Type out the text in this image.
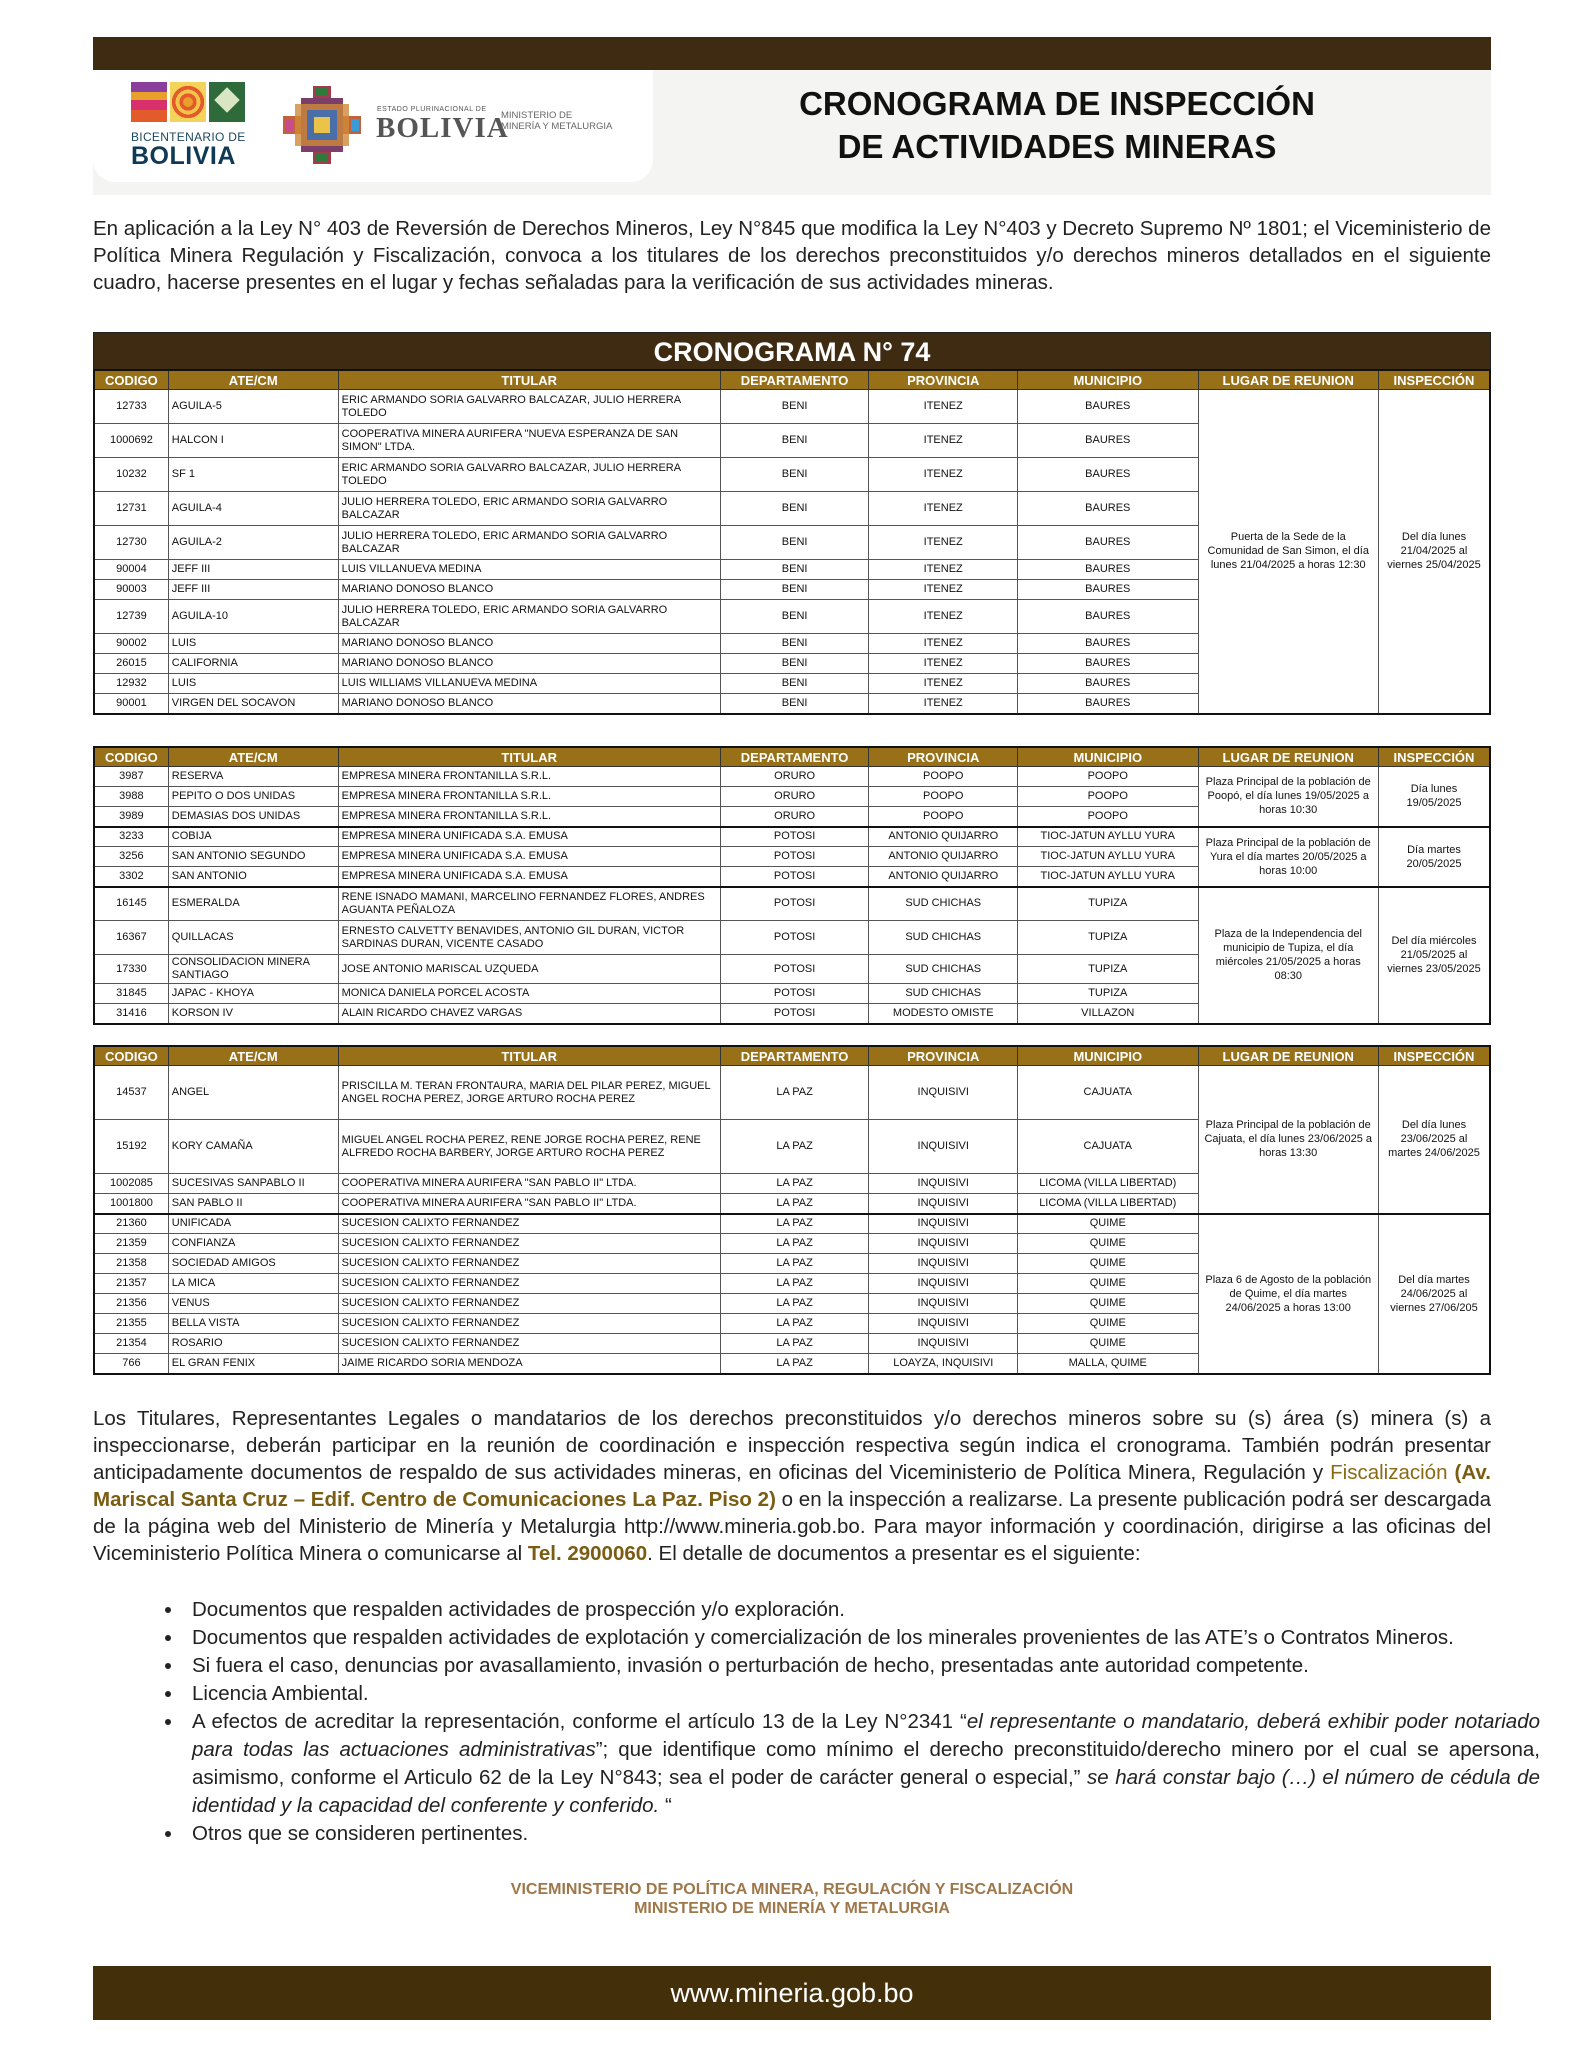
BICENTENARIO DE
BOLIVIA
ESTADO PLURINACIONAL DE
BOLIVIA
MINISTERIO DE
MINERÍA Y METALURGIA
CRONOGRAMA DE INSPECCIÓN
DE ACTIVIDADES MINERAS

En aplicación a la Ley N° 403 de Reversión de Derechos Mineros, Ley N°845 que modifica la Ley N°403 y Decreto Supremo Nº 1801; el Viceministerio de Política Minera Regulación y Fiscalización, convoca a los titulares de los derechos preconstituidos y/o derechos mineros detallados en el siguiente cuadro, hacerse presentes en el lugar y fechas señaladas para la verificación de sus actividades mineras.

CRONOGRAMA N° 74
CODIGO	ATE/CM	TITULAR	DEPARTAMENTO	PROVINCIA	MUNICIPIO	LUGAR DE REUNION	INSPECCIÓN
12733	AGUILA-5	ERIC ARMANDO SORIA GALVARRO BALCAZAR, JULIO HERRERA TOLEDO	BENI	ITENEZ	BAURES	Puerta de la Sede de la Comunidad de San Simon, el día lunes 21/04/2025 a horas 12:30	Del día lunes 21/04/2025 al viernes 25/04/2025
1000692	HALCON I	COOPERATIVA MINERA AURIFERA "NUEVA ESPERANZA DE SAN SIMON" LTDA.	BENI	ITENEZ	BAURES		
10232	SF 1	ERIC ARMANDO SORIA GALVARRO BALCAZAR, JULIO HERRERA TOLEDO	BENI	ITENEZ	BAURES		
12731	AGUILA-4	JULIO HERRERA TOLEDO, ERIC ARMANDO SORIA GALVARRO BALCAZAR	BENI	ITENEZ	BAURES		
12730	AGUILA-2	JULIO HERRERA TOLEDO, ERIC ARMANDO SORIA GALVARRO BALCAZAR	BENI	ITENEZ	BAURES		
90004	JEFF III	LUIS VILLANUEVA MEDINA	BENI	ITENEZ	BAURES		
90003	JEFF III	MARIANO DONOSO BLANCO	BENI	ITENEZ	BAURES		
12739	AGUILA-10	JULIO HERRERA TOLEDO, ERIC ARMANDO SORIA GALVARRO BALCAZAR	BENI	ITENEZ	BAURES		
90002	LUIS	MARIANO DONOSO BLANCO	BENI	ITENEZ	BAURES		
26015	CALIFORNIA	MARIANO DONOSO BLANCO	BENI	ITENEZ	BAURES		
12932	LUIS	LUIS WILLIAMS VILLANUEVA MEDINA	BENI	ITENEZ	BAURES		
90001	VIRGEN DEL SOCAVON	MARIANO DONOSO BLANCO	BENI	ITENEZ	BAURES		
CODIGO	ATE/CM	TITULAR	DEPARTAMENTO	PROVINCIA	MUNICIPIO	LUGAR DE REUNION	INSPECCIÓN
3987	RESERVA	EMPRESA MINERA FRONTANILLA S.R.L.	ORURO	POOPO	POOPO	Plaza Principal de la población de Poopó, el día lunes 19/05/2025 a horas 10:30	Día lunes 19/05/2025
3988	PEPITO O DOS UNIDAS	EMPRESA MINERA FRONTANILLA S.R.L.	ORURO	POOPO	POOPO		
3989	DEMASIAS DOS UNIDAS	EMPRESA MINERA FRONTANILLA S.R.L.	ORURO	POOPO	POOPO		
3233	COBIJA	EMPRESA MINERA UNIFICADA S.A. EMUSA	POTOSI	ANTONIO QUIJARRO	TIOC-JATUN AYLLU YURA	Plaza Principal de la población de Yura el día martes 20/05/2025 a horas 10:00	Día martes 20/05/2025
3256	SAN ANTONIO SEGUNDO	EMPRESA MINERA UNIFICADA S.A. EMUSA	POTOSI	ANTONIO QUIJARRO	TIOC-JATUN AYLLU YURA		
3302	SAN ANTONIO	EMPRESA MINERA UNIFICADA S.A. EMUSA	POTOSI	ANTONIO QUIJARRO	TIOC-JATUN AYLLU YURA		
16145	ESMERALDA	RENE ISNADO MAMANI, MARCELINO FERNANDEZ FLORES, ANDRES AGUANTA PEÑALOZA	POTOSI	SUD CHICHAS	TUPIZA	Plaza de la Independencia del municipio de Tupiza, el día miércoles 21/05/2025 a horas 08:30	Del día miércoles 21/05/2025 al viernes 23/05/2025
16367	QUILLACAS	ERNESTO CALVETTY BENAVIDES, ANTONIO GIL DURAN, VICTOR SARDINAS DURAN, VICENTE CASADO	POTOSI	SUD CHICHAS	TUPIZA		
17330	CONSOLIDACION MINERA SANTIAGO	JOSE ANTONIO MARISCAL UZQUEDA	POTOSI	SUD CHICHAS	TUPIZA		
31845	JAPAC - KHOYA	MONICA DANIELA PORCEL ACOSTA	POTOSI	SUD CHICHAS	TUPIZA		
31416	KORSON IV	ALAIN RICARDO CHAVEZ VARGAS	POTOSI	MODESTO OMISTE	VILLAZON		
CODIGO	ATE/CM	TITULAR	DEPARTAMENTO	PROVINCIA	MUNICIPIO	LUGAR DE REUNION	INSPECCIÓN
14537	ANGEL	PRISCILLA M. TERAN FRONTAURA, MARIA DEL PILAR PEREZ, MIGUEL ANGEL ROCHA PEREZ, JORGE ARTURO ROCHA PEREZ	LA PAZ	INQUISIVI	CAJUATA	Plaza Principal de la población de Cajuata, el día lunes 23/06/2025 a horas 13:30	Del día lunes 23/06/2025 al martes 24/06/2025
15192	KORY CAMAÑA	MIGUEL ANGEL ROCHA PEREZ, RENE JORGE ROCHA PEREZ, RENE ALFREDO ROCHA BARBERY, JORGE ARTURO ROCHA PEREZ	LA PAZ	INQUISIVI	CAJUATA		
1002085	SUCESIVAS SANPABLO II	COOPERATIVA MINERA AURIFERA "SAN PABLO II" LTDA.	LA PAZ	INQUISIVI	LICOMA (VILLA LIBERTAD)		
1001800	SAN PABLO II	COOPERATIVA MINERA AURIFERA "SAN PABLO II" LTDA.	LA PAZ	INQUISIVI	LICOMA (VILLA LIBERTAD)		
21360	UNIFICADA	SUCESION CALIXTO FERNANDEZ	LA PAZ	INQUISIVI	QUIME	Plaza 6 de Agosto de la población de Quime, el día martes 24/06/2025 a horas 13:00	Del día martes 24/06/2025 al viernes 27/06/205
21359	CONFIANZA	SUCESION CALIXTO FERNANDEZ	LA PAZ	INQUISIVI	QUIME		
21358	SOCIEDAD AMIGOS	SUCESION CALIXTO FERNANDEZ	LA PAZ	INQUISIVI	QUIME		
21357	LA MICA	SUCESION CALIXTO FERNANDEZ	LA PAZ	INQUISIVI	QUIME		
21356	VENUS	SUCESION CALIXTO FERNANDEZ	LA PAZ	INQUISIVI	QUIME		
21355	BELLA VISTA	SUCESION CALIXTO FERNANDEZ	LA PAZ	INQUISIVI	QUIME		
21354	ROSARIO	SUCESION CALIXTO FERNANDEZ	LA PAZ	INQUISIVI	QUIME		
766	EL GRAN FENIX	JAIME RICARDO SORIA MENDOZA	LA PAZ	LOAYZA, INQUISIVI	MALLA, QUIME		

Los Titulares, Representantes Legales o mandatarios de los derechos preconstituidos y/o derechos mineros sobre su (s) área (s) minera (s) a inspeccionarse, deberán participar en la reunión de coordinación e inspección respectiva según indica el cronograma. También podrán presentar anticipadamente documentos de respaldo de sus actividades mineras, en oficinas del Viceministerio de Política Minera, Regulación y Fiscalización (Av. Mariscal Santa Cruz – Edif. Centro de Comunicaciones La Paz. Piso 2) o en la inspección a realizarse. La presente publicación podrá ser descargada de la página web del Ministerio de Minería y Metalurgia http://www.mineria.gob.bo. Para mayor información y coordinación, dirigirse a las oficinas del Viceministerio Política Minera o comunicarse al Tel. 2900060. El detalle de documentos a presentar es el siguiente:

• Documentos que respalden actividades de prospección y/o exploración.
• Documentos que respalden actividades de explotación y comercialización de los minerales provenientes de las ATE’s o Contratos Mineros.
• Si fuera el caso, denuncias por avasallamiento, invasión o perturbación de hecho, presentadas ante autoridad competente.
• Licencia Ambiental.
• A efectos de acreditar la representación, conforme el artículo 13 de la Ley N°2341 “el representante o mandatario, deberá exhibir poder notariado para todas las actuaciones administrativas”; que identifique como mínimo el derecho preconstituido/derecho minero por el cual se apersona, asimismo, conforme el Articulo 62 de la Ley N°843; sea el poder de carácter general o especial,” se hará constar bajo (…) el número de cédula de identidad y la capacidad del conferente y conferido. “
• Otros que se consideren pertinentes.
VICEMINISTERIO DE POLÍTICA MINERA, REGULACIÓN Y FISCALIZACIÓN
MINISTERIO DE MINERÍA Y METALURGIA
www.mineria.gob.bo
